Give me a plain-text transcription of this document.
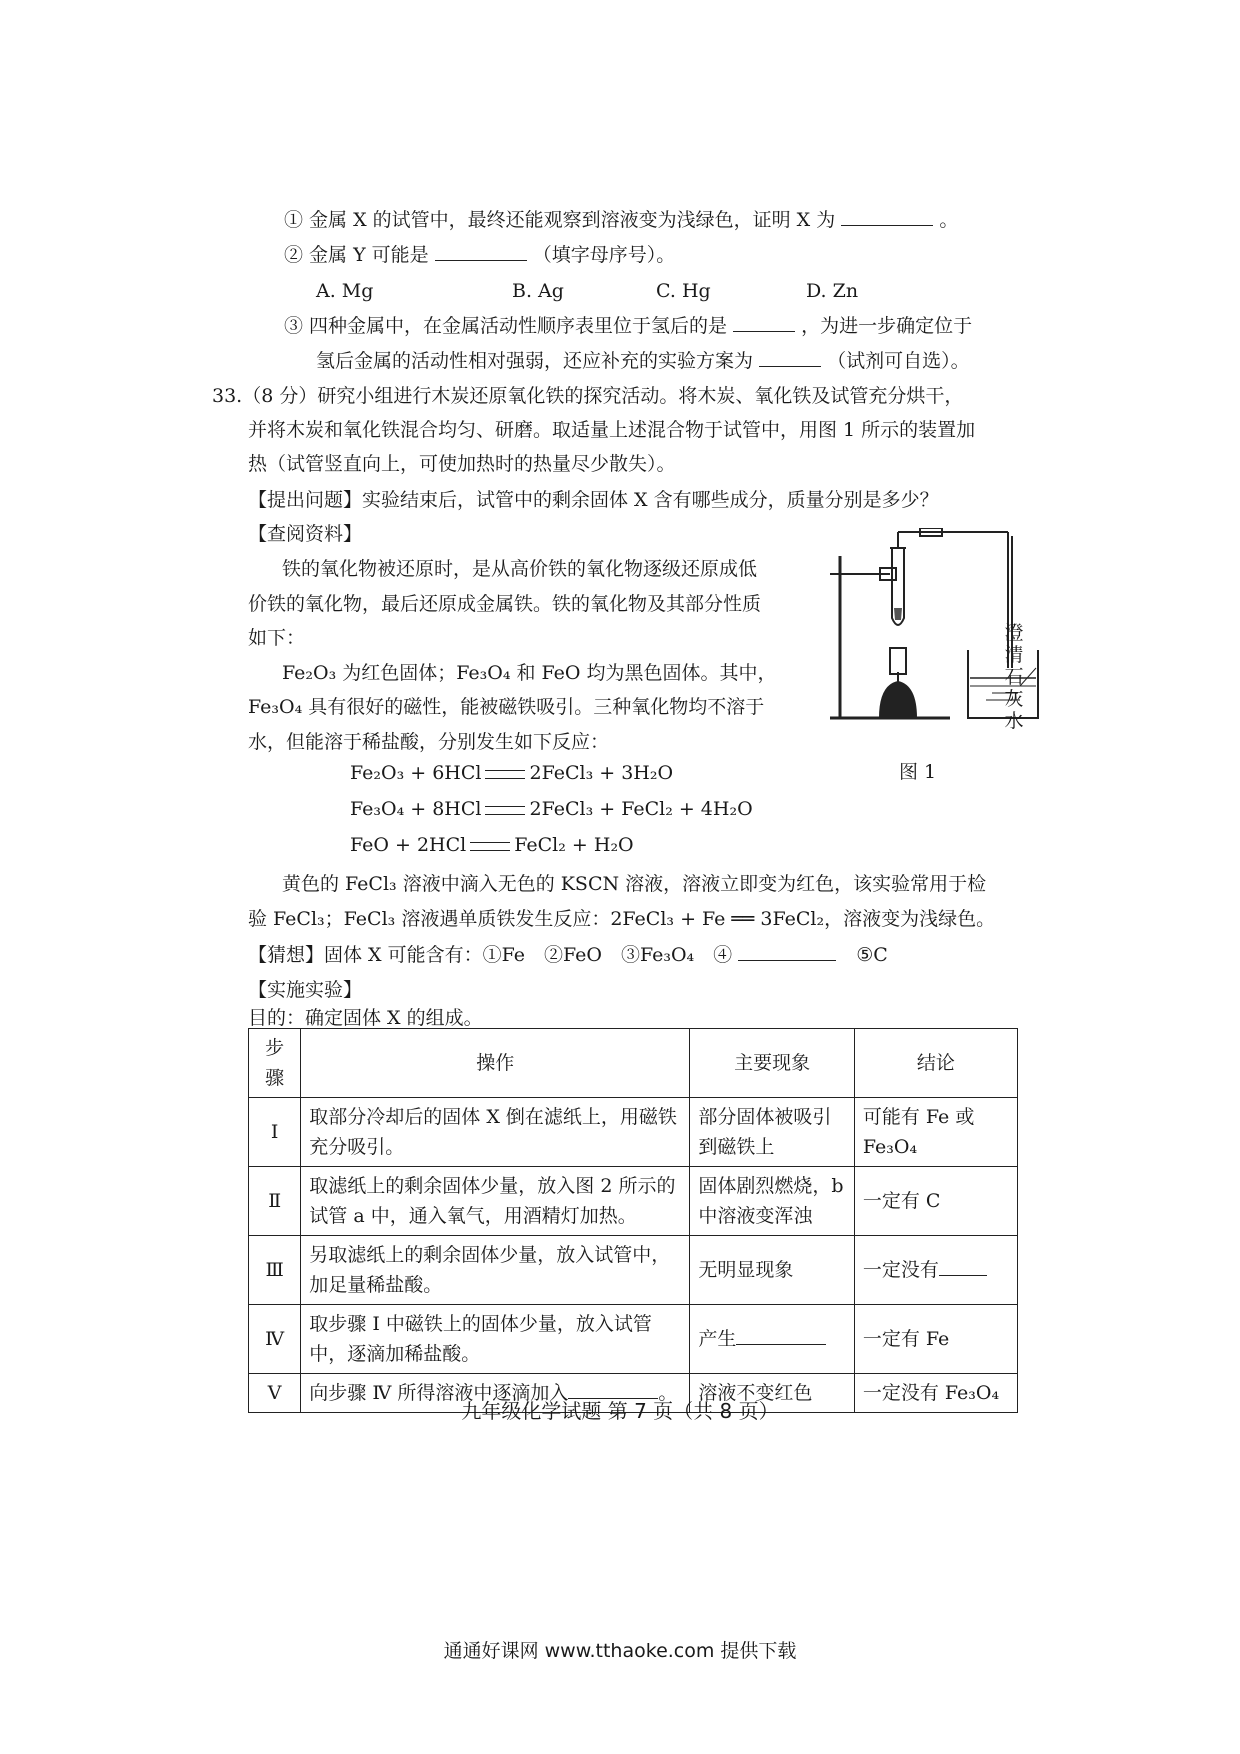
① 金属 X 的试管中，最终还能观察到溶液变为浅绿色，证明 X 为	。
② 金属 Y 可能是	（填字母序号）。
A. Mg	B. Ag	C. Hg	D. Zn
③ 四种金属中，在金属活动性顺序表里位于氢后的是	，为进一步确定位于
氢后金属的活动性相对强弱，还应补充的实验方案为	（试剂可自选）。
33.（8 分）研究小组进行木炭还原氧化铁的探究活动。将木炭、氧化铁及试管充分烘干，
并将木炭和氧化铁混合均匀、研磨。取适量上述混合物于试管中，用图 1 所示的装置加
热（试管竖直向上，可使加热时的热量尽少散失）。
【提出问题】实验结束后，试管中的剩余固体 X 含有哪些成分，质量分别是多少？
【查阅资料】
铁的氧化物被还原时，是从高价铁的氧化物逐级还原成低
价铁的氧化物，最后还原成金属铁。铁的氧化物及其部分性质
如下：
Fe₂O₃ 为红色固体；Fe₃O₄ 和 FeO 均为黑色固体。其中，
Fe₃O₄ 具有很好的磁性，能被磁铁吸引。三种氧化物均不溶于
水，但能溶于稀盐酸，分别发生如下反应：
Fe₂O₃ + 6HCl	2FeCl₃ + 3H₂O
Fe₃O₄ + 8HCl	2FeCl₃ + FeCl₂ + 4H₂O
FeO + 2HCl	FeCl₂ + H₂O
黄色的 FeCl₃ 溶液中滴入无色的 KSCN 溶液，溶液立即变为红色，该实验常用于检
验 FeCl₃；FeCl₃ 溶液遇单质铁发生反应：2FeCl₃ + Fe ══ 3FeCl₂，溶液变为浅绿色。
【猜想】固体 X 可能含有：①Fe　②FeO　③Fe₃O₄　④	⑤C
【实施实验】
目的：确定固体 X 的组成。
澄清石灰水
图 1
步骤	操作	主要现象	结论
Ⅰ	取部分冷却后的固体 X 倒在滤纸上，用磁铁充分吸引。	部分固体被吸引到磁铁上	可能有 Fe 或 Fe₃O₄
Ⅱ	取滤纸上的剩余固体少量，放入图 2 所示的试管 a 中，通入氧气，用酒精灯加热。	固体剧烈燃烧，b 中溶液变浑浊	一定有 C
Ⅲ	另取滤纸上的剩余固体少量，放入试管中，加足量稀盐酸。	无明显现象	一定没有
Ⅳ	取步骤 Ⅰ 中磁铁上的固体少量，放入试管中，逐滴加稀盐酸。	产生	一定有 Fe
Ⅴ	向步骤 Ⅳ 所得溶液中逐滴加入 。	溶液不变红色	一定没有 Fe₃O₄
九年级化学试题 第 7 页（共 8 页）
通通好课网 www.tthaoke.com 提供下载
